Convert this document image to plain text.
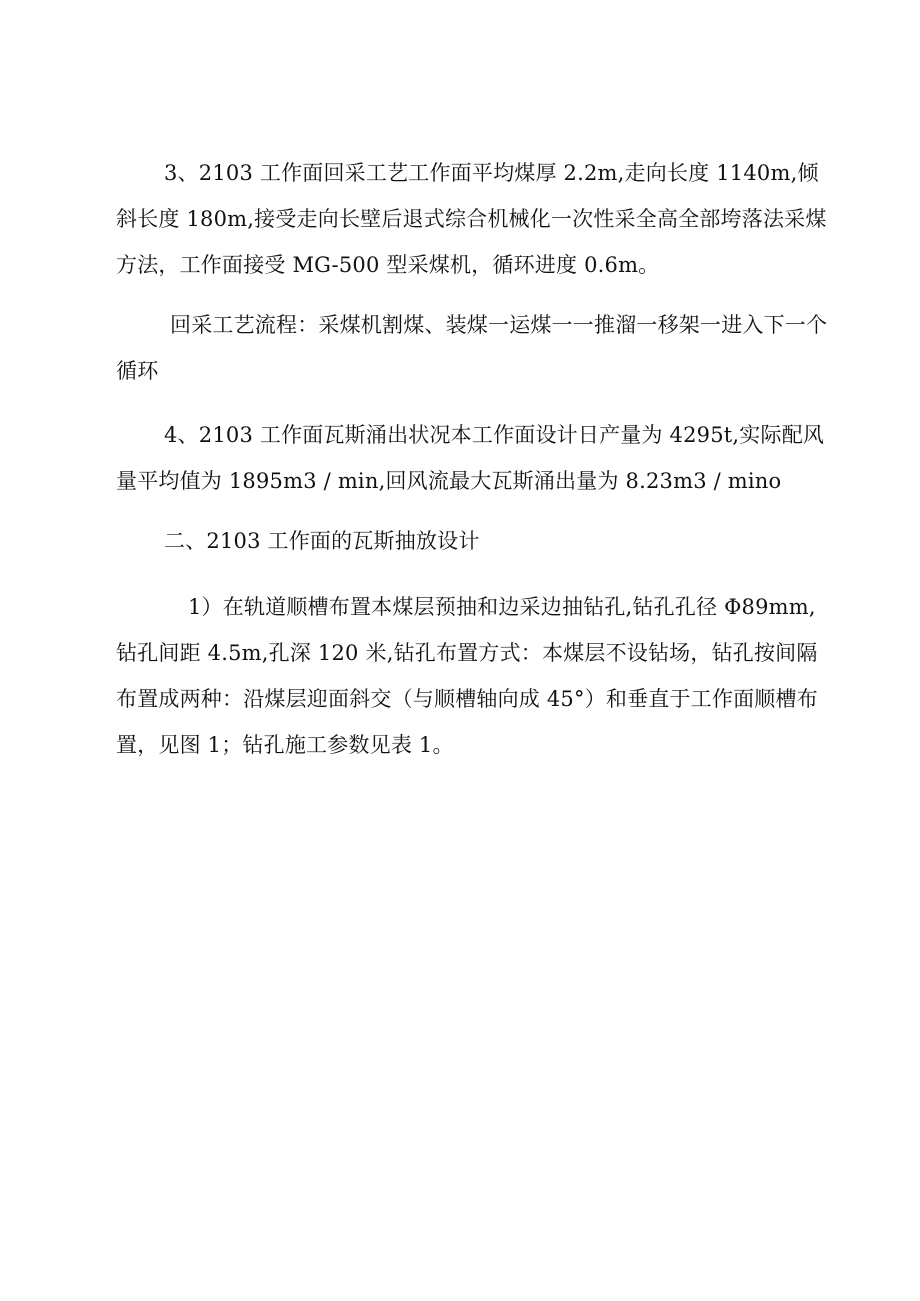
3、2103 工作面回采工艺工作面平均煤厚 2.2m,走向长度 1140m,倾斜长度 180m,接受走向长壁后退式综合机械化一次性采全高全部垮落法采煤方法，工作面接受 MG-500 型采煤机，循环进度 0.6m。

回采工艺流程：采煤机割煤、装煤一运煤一一推溜一移架一进入下一个循环

4、2103 工作面瓦斯涌出状况本工作面设计日产量为 4295t,实际配风量平均值为 1895m3 / min,回风流最大瓦斯涌出量为 8.23m3 / mino

二、2103 工作面的瓦斯抽放设计

1）在轨道顺槽布置本煤层预抽和边采边抽钻孔,钻孔孔径 Φ89mm,钻孔间距 4.5m,孔深 120 米,钻孔布置方式：本煤层不设钻场，钻孔按间隔布置成两种：沿煤层迎面斜交（与顺槽轴向成 45°）和垂直于工作面顺槽布置，见图 1；钻孔施工参数见表 1。
